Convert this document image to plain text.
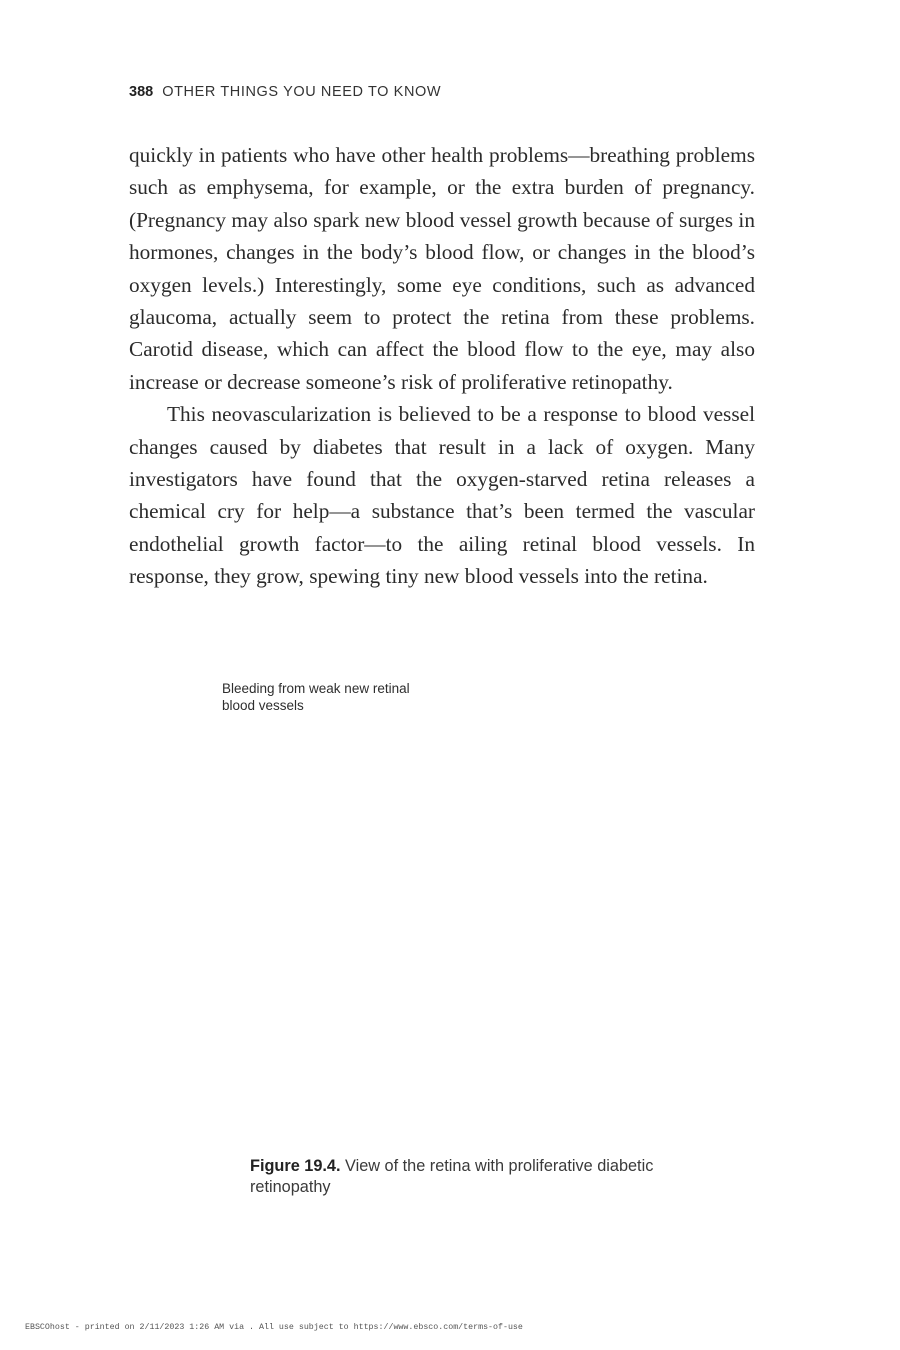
388 OTHER THINGS YOU NEED TO KNOW

quickly in patients who have other health problems—breathing problems such as emphysema, for example, or the extra burden of pregnancy. (Pregnancy may also spark new blood vessel growth because of surges in hormones, changes in the body’s blood flow, or changes in the blood’s oxygen levels.) Interestingly, some eye conditions, such as advanced glaucoma, actually seem to protect the retina from these problems. Carotid disease, which can affect the blood flow to the eye, may also increase or decrease someone’s risk of proliferative retinopathy.

This neovascularization is believed to be a response to blood vessel changes caused by diabetes that result in a lack of oxygen. Many investigators have found that the oxygen-starved retina releases a chemical cry for help—a substance that’s been termed the vascular endothelial growth factor—to the ailing retinal blood vessels. In response, they grow, spewing tiny new blood vessels into the retina.

Bleeding from weak new retinal blood vessels
Figure 19.4. View of the retina with proliferative diabetic retinopathy
EBSCOhost - printed on 2/11/2023 1:26 AM via . All use subject to https://www.ebsco.com/terms-of-use
